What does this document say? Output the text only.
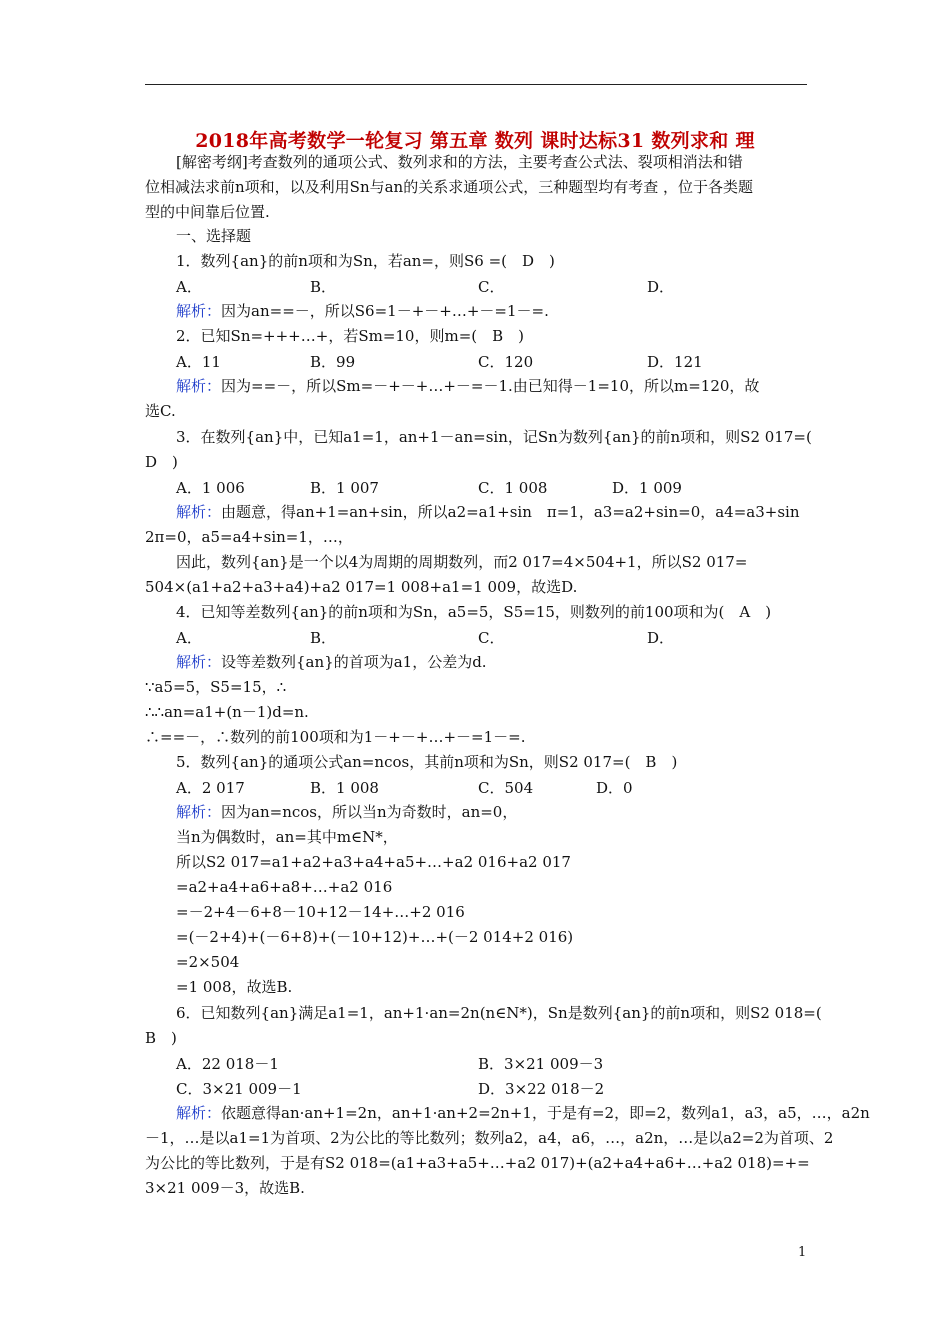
2018年高考数学一轮复习 第五章 数列 课时达标31 数列求和 理
[解密考纲]考查数列的通项公式、数列求和的方法，主要考查公式法、裂项相消法和错
位相减法求前n项和，以及利用Sn与an的关系求通项公式，三种题型均有考查 ，位于各类题
型的中间靠后位置.
一、选择题
1．数列{an}的前n项和为Sn，若an=，则S6 =(　D　)
A．	B．	C．	D．
解析：因为an==－，所以S6=1－+－+…+－=1－=.
2．已知Sn=+++…+，若Sm=10，则m=(　B　)
A．11	B．99	C．120	D．121
解析：因为==－，所以Sm=－+－+…+－=－1.由已知得－1=10，所以m=120，故
选C.
3．在数列{an}中，已知a1=1，an+1－an=sin，记Sn为数列{an}的前n项和，则S2 017=(
D　)
A．1 006	B．1 007	C．1 008	D．1 009
解析：由题意，得an+1=an+sin，所以a2=a1+sin　π=1，a3=a2+sin=0，a4=a3+sin
2π=0，a5=a4+sin=1，…，
因此，数列{an}是一个以4为周期的周期数列，而2 017=4×504+1，所以S2 017=
504×(a1+a2+a3+a4)+a2 017=1 008+a1=1 009，故选D.
4．已知等差数列{an}的前n项和为Sn，a5=5，S5=15，则数列的前100项和为(　A　)
A．	B．	C．	D．
解析：设等差数列{an}的首项为a1，公差为d.
∵a5=5，S5=15，∴
∴∴an=a1+(n－1)d=n.
∴==－，∴数列的前100项和为1－+－+…+－=1－=.
5．数列{an}的通项公式an=ncos，其前n项和为Sn，则S2 017=(　B　)
A．2 017	B．1 008	C．504	D．0
解析：因为an=ncos，所以当n为奇数时，an=0，
当n为偶数时，an=其中m∈N*，
所以S2 017=a1+a2+a3+a4+a5+…+a2 016+a2 017
=a2+a4+a6+a8+…+a2 016
=－2+4－6+8－10+12－14+…+2 016
=(－2+4)+(－6+8)+(－10+12)+…+(－2 014+2 016)
=2×504
=1 008，故选B.
6．已知数列{an}满足a1=1，an+1·an=2n(n∈N*)，Sn是数列{an}的前n项和，则S2 018=(
B　)
A．22 018－1	B．3×21 009－3
C．3×21 009－1	D．3×22 018－2
解析：依题意得an·an+1=2n，an+1·an+2=2n+1，于是有=2，即=2，数列a1，a3，a5，…，a2n
－1，…是以a1=1为首项、2为公比的等比数列；数列a2，a4，a6，…，a2n，…是以a2=2为首项、2
为公比的等比数列，于是有S2 018=(a1+a3+a5+…+a2 017)+(a2+a4+a6+…+a2 018)=+=
3×21 009－3，故选B.
1
